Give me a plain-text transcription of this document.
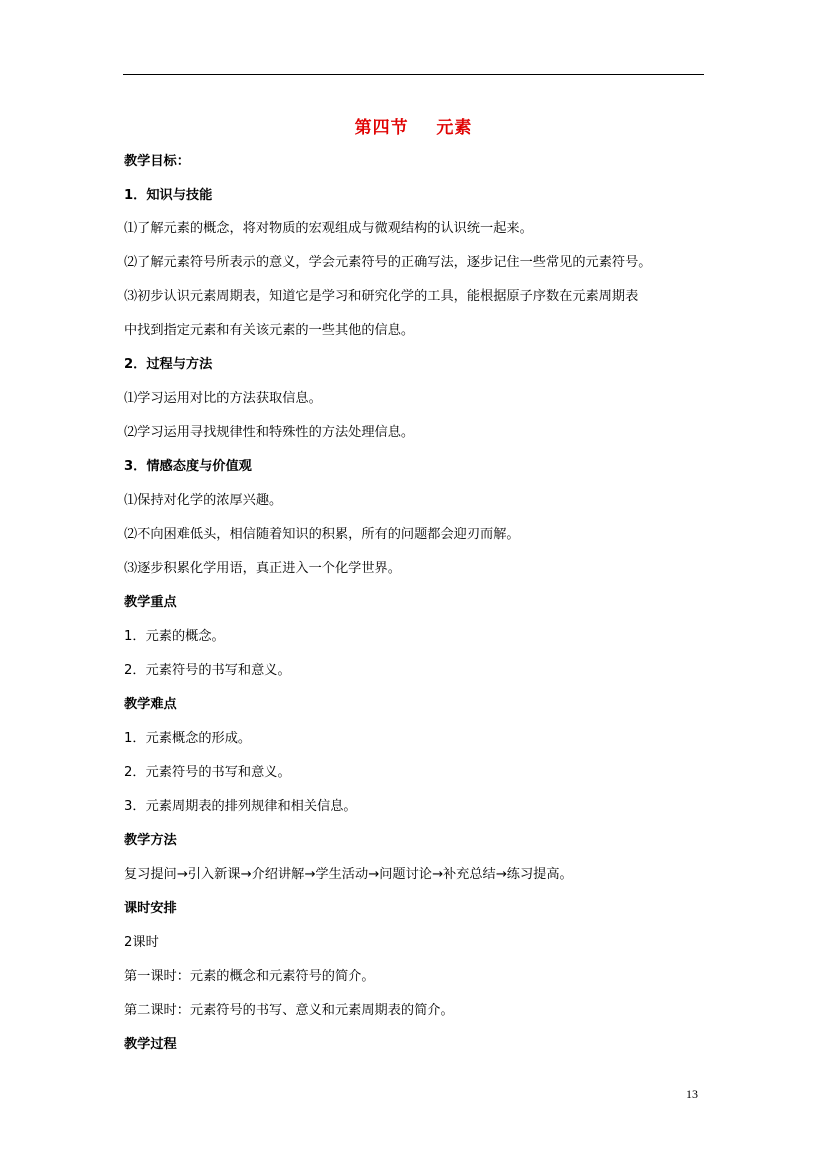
第四节    元素
教学目标：
1．知识与技能
⑴了解元素的概念，将对物质的宏观组成与微观结构的认识统一起来。
⑵了解元素符号所表示的意义，学会元素符号的正确写法，逐步记住一些常见的元素符号。
⑶初步认识元素周期表，知道它是学习和研究化学的工具，能根据原子序数在元素周期表
中找到指定元素和有关该元素的一些其他的信息。
2．过程与方法
⑴学习运用对比的方法获取信息。
⑵学习运用寻找规律性和特殊性的方法处理信息。
3．情感态度与价值观
⑴保持对化学的浓厚兴趣。
⑵不向困难低头，相信随着知识的积累，所有的问题都会迎刃而解。
⑶逐步积累化学用语，真正进入一个化学世界。
教学重点
1．元素的概念。
2．元素符号的书写和意义。
教学难点
1．元素概念的形成。
2．元素符号的书写和意义。
3．元素周期表的排列规律和相关信息。
教学方法
复习提问→引入新课→介绍讲解→学生活动→问题讨论→补充总结→练习提高。
课时安排
2课时
第一课时：元素的概念和元素符号的简介。
第二课时：元素符号的书写、意义和元素周期表的简介。
教学过程
13
